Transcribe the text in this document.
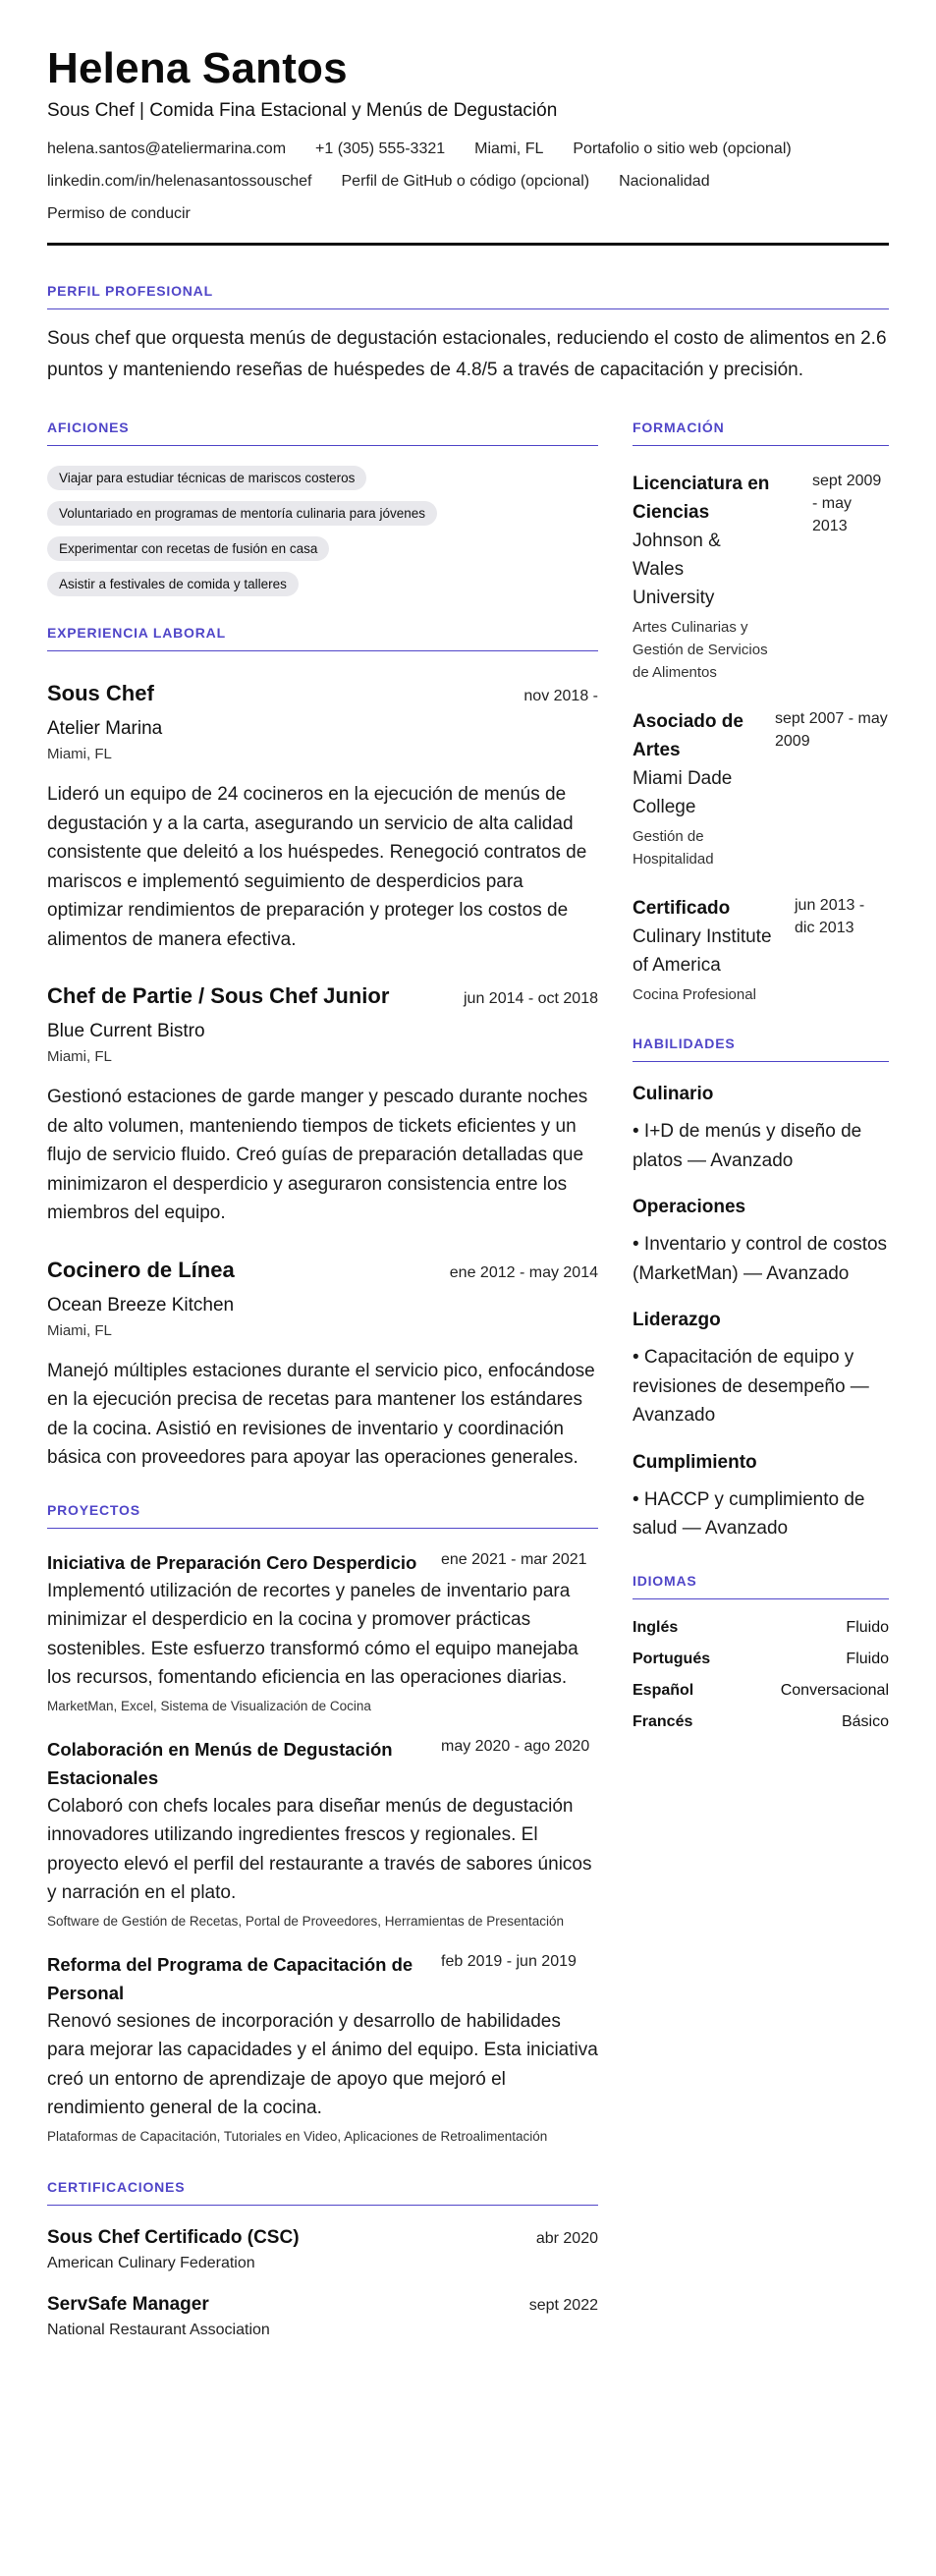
Helena Santos
Sous Chef | Comida Fina Estacional y Menús de Degustación
helena.santos@ateliermarina.com +1 (305) 555-3321 Miami, FL Portafolio o sitio web (opcional)
linkedin.com/in/helenasantossouschef Perfil de GitHub o código (opcional) Nacionalidad
Permiso de conducir
PERFIL PROFESIONAL
Sous chef que orquesta menús de degustación estacionales, reduciendo el costo de alimentos en 2.6 puntos y manteniendo reseñas de huéspedes de 4.8/5 a través de capacitación y precisión.
AFICIONES
Viajar para estudiar técnicas de mariscos costeros
Voluntariado en programas de mentoría culinaria para jóvenes
Experimentar con recetas de fusión en casa
Asistir a festivales de comida y talleres
EXPERIENCIA LABORAL
Sous Chef	nov 2018 -
Atelier Marina
Miami, FL
Lideró un equipo de 24 cocineros en la ejecución de menús de degustación y a la carta, asegurando un servicio de alta calidad consistente que deleitó a los huéspedes. Renegoció contratos de mariscos e implementó seguimiento de desperdicios para optimizar rendimientos de preparación y proteger los costos de alimentos de manera efectiva.
Chef de Partie / Sous Chef Junior	jun 2014 - oct 2018
Blue Current Bistro
Miami, FL
Gestionó estaciones de garde manger y pescado durante noches de alto volumen, manteniendo tiempos de tickets eficientes y un flujo de servicio fluido. Creó guías de preparación detalladas que minimizaron el desperdicio y aseguraron consistencia entre los miembros del equipo.
Cocinero de Línea	ene 2012 - may 2014
Ocean Breeze Kitchen
Miami, FL
Manejó múltiples estaciones durante el servicio pico, enfocándose en la ejecución precisa de recetas para mantener los estándares de la cocina. Asistió en revisiones de inventario y coordinación básica con proveedores para apoyar las operaciones generales.
PROYECTOS
Iniciativa de Preparación Cero Desperdicio	ene 2021 - mar 2021
Implementó utilización de recortes y paneles de inventario para minimizar el desperdicio en la cocina y promover prácticas sostenibles. Este esfuerzo transformó cómo el equipo manejaba los recursos, fomentando eficiencia en las operaciones diarias.
MarketMan, Excel, Sistema de Visualización de Cocina
Colaboración en Menús de Degustación Estacionales
may 2020 - ago 2020
Colaboró con chefs locales para diseñar menús de degustación innovadores utilizando ingredientes frescos y regionales. El proyecto elevó el perfil del restaurante a través de sabores únicos y narración en el plato.
Software de Gestión de Recetas, Portal de Proveedores, Herramientas de Presentación
Reforma del Programa de Capacitación de Personal
feb 2019 - jun 2019
Renovó sesiones de incorporación y desarrollo de habilidades para mejorar las capacidades y el ánimo del equipo. Esta iniciativa creó un entorno de aprendizaje de apoyo que mejoró el rendimiento general de la cocina.
Plataformas de Capacitación, Tutoriales en Video, Aplicaciones de Retroalimentación
CERTIFICACIONES
Sous Chef Certificado (CSC)	abr 2020
American Culinary Federation
ServSafe Manager	sept 2022
National Restaurant Association
FORMACIÓN
Licenciatura en Ciencias
Johnson & Wales University
Artes Culinarias y Gestión de Servicios de Alimentos
sept 2009 - may 2013
Asociado de Artes
Miami Dade College
Gestión de Hospitalidad
sept 2007 - may 2009
Certificado
Culinary Institute of America
Cocina Profesional
jun 2013 - dic 2013
HABILIDADES
Culinario
• I+D de menús y diseño de platos — Avanzado
Operaciones
• Inventario y control de costos (MarketMan) — Avanzado
Liderazgo
• Capacitación de equipo y revisiones de desempeño — Avanzado
Cumplimiento
• HACCP y cumplimiento de salud — Avanzado
IDIOMAS
Inglés	Fluido
Portugués	Fluido
Español	Conversacional
Francés	Básico
